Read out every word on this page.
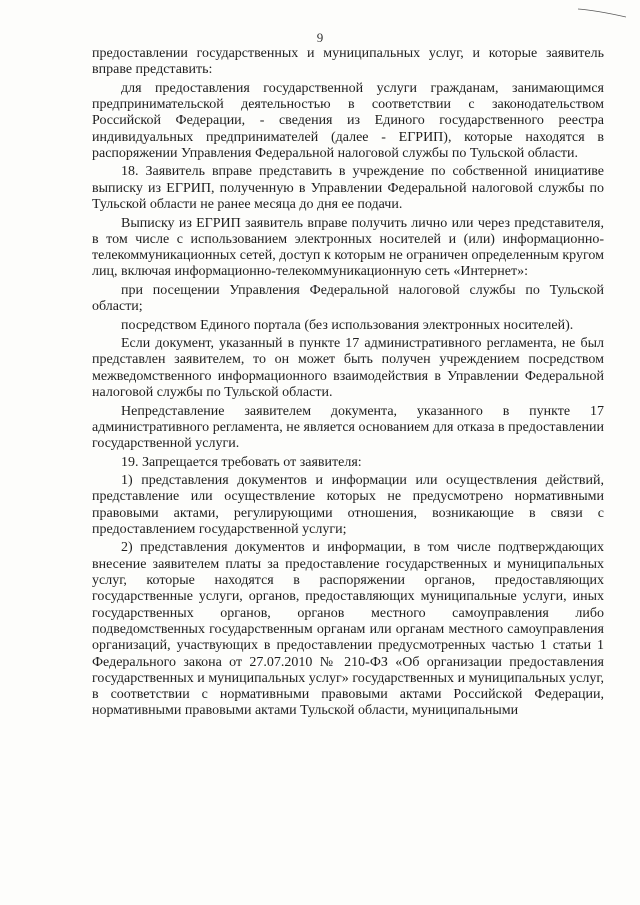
9

предоставлении государственных и муниципальных услуг, и которые заявитель вправе представить:

для предоставления государственной услуги гражданам, занимающимся предпринимательской деятельностью в соответствии с законодательством Российской Федерации, - сведения из Единого государственного реестра индивидуальных предпринимателей (далее - ЕГРИП), которые находятся в распоряжении Управления Федеральной налоговой службы по Тульской области.

18. Заявитель вправе представить в учреждение по собственной инициативе выписку из ЕГРИП, полученную в Управлении Федеральной налоговой службы по Тульской области не ранее месяца до дня ее подачи.

Выписку из ЕГРИП заявитель вправе получить лично или через представителя, в том числе с использованием электронных носителей и (или) информационно-телекоммуникационных сетей, доступ к которым не ограничен определенным кругом лиц, включая информационно-телекоммуникационную сеть «Интернет»:

при посещении Управления Федеральной налоговой службы по Тульской области;

посредством Единого портала (без использования электронных носителей).

Если документ, указанный в пункте 17 административного регламента, не был представлен заявителем, то он может быть получен учреждением посредством межведомственного информационного взаимодействия в Управлении Федеральной налоговой службы по Тульской области.

Непредставление заявителем документа, указанного в пункте 17 административного регламента, не является основанием для отказа в предоставлении государственной услуги.

19. Запрещается требовать от заявителя:

1) представления документов и информации или осуществления действий, представление или осуществление которых не предусмотрено нормативными правовыми актами, регулирующими отношения, возникающие в связи с предоставлением государственной услуги;

2) представления документов и информации, в том числе подтверждающих внесение заявителем платы за предоставление государственных и муниципальных услуг, которые находятся в распоряжении органов, предоставляющих государственные услуги, органов, предоставляющих муниципальные услуги, иных государственных органов, органов местного самоуправления либо подведомственных государственным органам или органам местного самоуправления организаций, участвующих в предоставлении предусмотренных частью 1 статьи 1 Федерального закона от 27.07.2010 № 210-ФЗ «Об организации предоставления государственных и муниципальных услуг» государственных и муниципальных услуг, в соответствии с нормативными правовыми актами Российской Федерации, нормативными правовыми актами Тульской области, муниципальными
